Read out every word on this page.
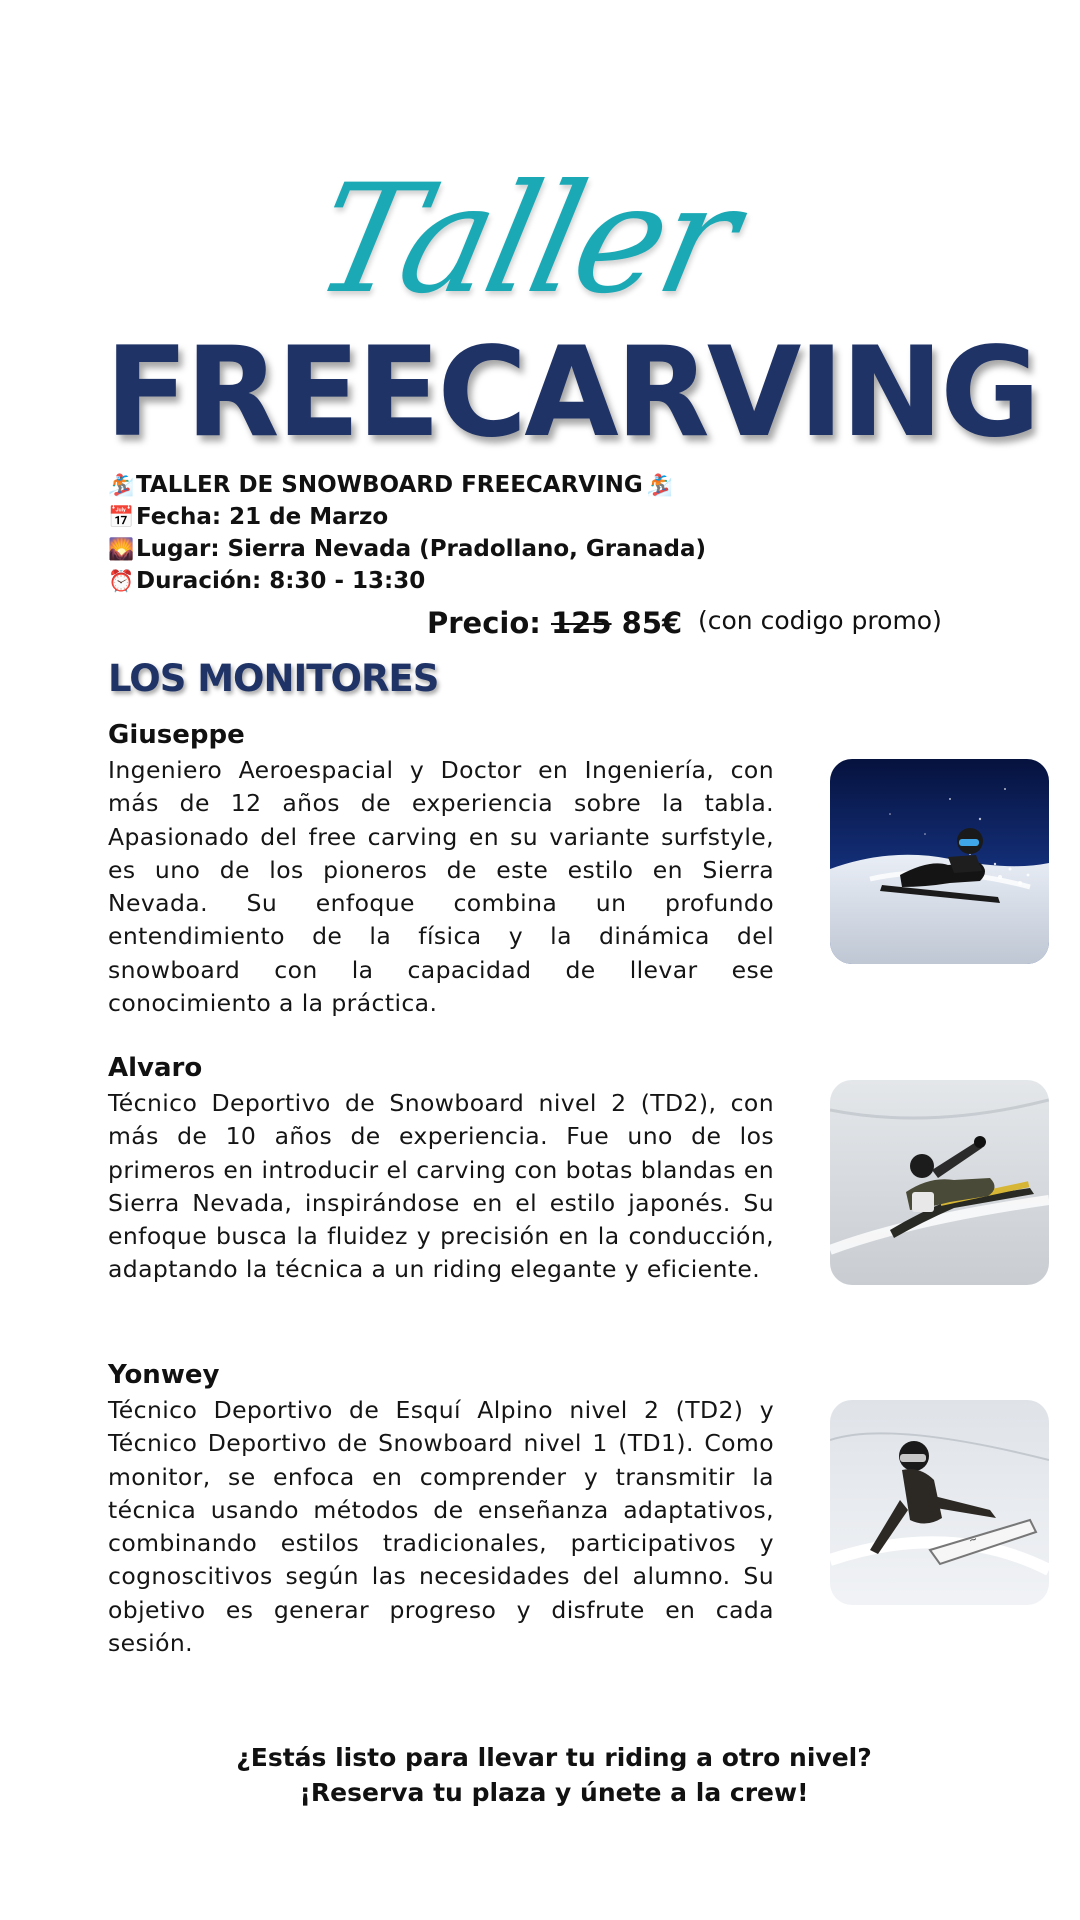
Taller
FREECARVING
🏂TALLER DE SNOWBOARD FREECARVING 🏂
📅Fecha: 21 de Marzo
🌄Lugar: Sierra Nevada (Pradollano, Granada)
⏰Duración: 8:30 - 13:30
Precio: 125 85€ (con codigo promo)
LOS MONITORES
Giuseppe
Ingeniero Aeroespacial y Doctor en Ingeniería, con más de 12 años de experiencia sobre la tabla. Apasionado del free carving en su variante surfstyle, es uno de los pioneros de este estilo en Sierra Nevada. Su enfoque combina un profundo entendimiento de la física y la dinámica del snowboard con la capacidad de llevar ese conocimiento a la práctica.
Alvaro
Técnico Deportivo de Snowboard nivel 2 (TD2), con más de 10 años de experiencia. Fue uno de los primeros en introducir el carving con botas blandas en Sierra Nevada, inspirándose en el estilo japonés. Su enfoque busca la fluidez y precisión en la conducción, adaptando la técnica a un riding elegante y eficiente.
Yonwey
Técnico Deportivo de Esquí Alpino nivel 2 (TD2) y Técnico Deportivo de Snowboard nivel 1 (TD1). Como monitor, se enfoca en comprender y transmitir la técnica usando métodos de enseñanza adaptativos, combinando estilos tradicionales, participativos y cognoscitivos según las necesidades del alumno. Su objetivo es generar progreso y disfrute en cada sesión.
~
¿Estás listo para llevar tu riding a otro nivel?
¡Reserva tu plaza y únete a la crew!
